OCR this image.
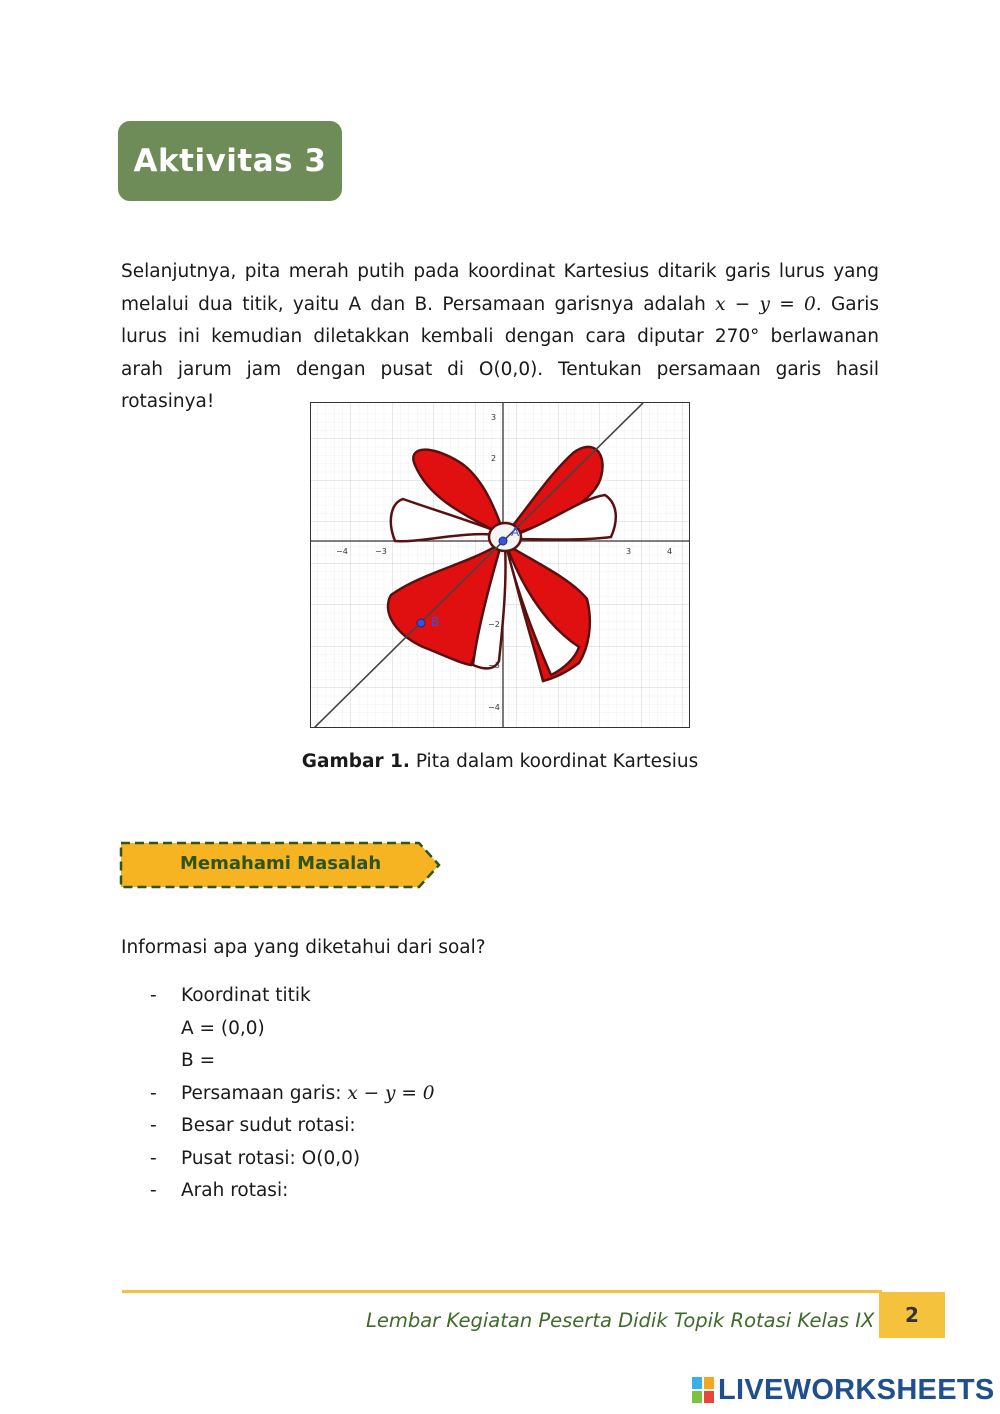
Aktivitas 3

Selanjutnya, pita merah putih pada koordinat Kartesius ditarik garis lurus yang melalui dua titik, yaitu A dan B. Persamaan garisnya adalah x − y = 0. Garis lurus ini kemudian diletakkan kembali dengan cara diputar 270° berlawanan arah jarum jam dengan pusat di O(0,0). Tentukan persamaan garis hasil rotasinya!

−4	−3	3	4
3
2
−2
−3
−4
A
B
Gambar 1. Pita dalam koordinat Kartesius
Memahami Masalah
Informasi apa yang diketahui dari soal?
-	Koordinat titik
A = (0,0)
B =
-	Persamaan garis:
x − y = 0
-	Besar sudut rotasi:
-	Pusat rotasi: O(0,0)
-	Arah rotasi:
Lembar Kegiatan Peserta Didik Topik Rotasi Kelas IX	2
LIVEWORKSHEETS
